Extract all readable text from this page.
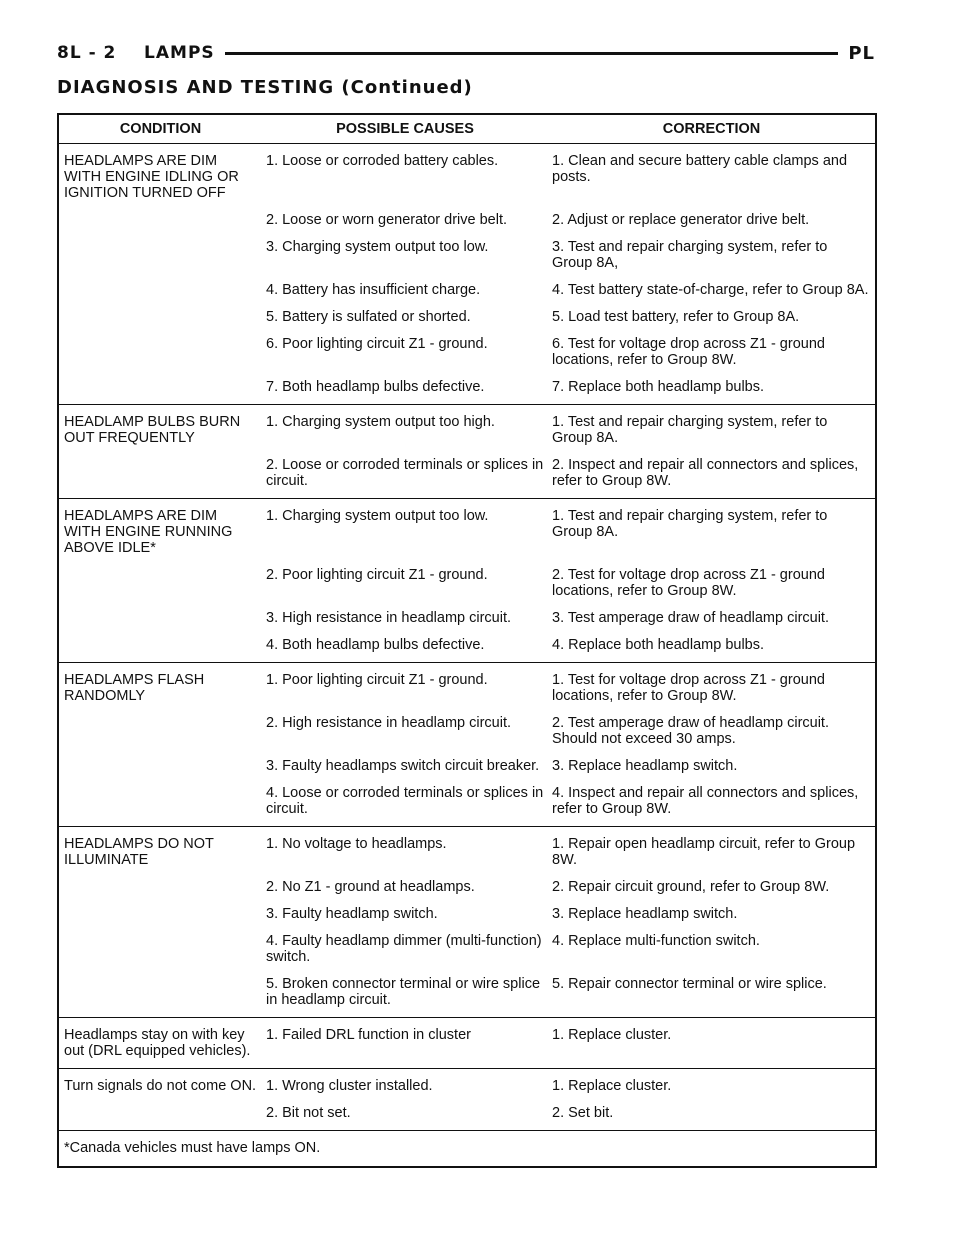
8L - 2    LAMPS	PL
DIAGNOSIS AND TESTING (Continued)
CONDITION	POSSIBLE CAUSES	CORRECTION
HEADLAMPS ARE DIM WITH ENGINE IDLING OR IGNITION TURNED OFF	1. Loose or corroded battery cables.	1. Clean and secure battery cable clamps and posts.
	2. Loose or worn generator drive belt.	2. Adjust or replace generator drive belt.
	3. Charging system output too low.	3. Test and repair charging system, refer to Group 8A,
	4. Battery has insufficient charge.	4. Test battery state-of-charge, refer to Group 8A.
	5. Battery is sulfated or shorted.	5. Load test battery, refer to Group 8A.
	6. Poor lighting circuit Z1 - ground.	6. Test for voltage drop across Z1 - ground locations, refer to Group 8W.
	7. Both headlamp bulbs defective.	7. Replace both headlamp bulbs.
HEADLAMP BULBS BURN OUT FREQUENTLY	1. Charging system output too high.	1. Test and repair charging system, refer to Group 8A.
	2. Loose or corroded terminals or splices in circuit.	2. Inspect and repair all connectors and splices, refer to Group 8W.
HEADLAMPS ARE DIM WITH ENGINE RUNNING ABOVE IDLE*	1. Charging system output too low.	1. Test and repair charging system, refer to Group 8A.
	2. Poor lighting circuit Z1 - ground.	2. Test for voltage drop across Z1 - ground locations, refer to Group 8W.
	3. High resistance in headlamp circuit.	3. Test amperage draw of headlamp circuit.
	4. Both headlamp bulbs defective.	4. Replace both headlamp bulbs.
HEADLAMPS FLASH RANDOMLY	1. Poor lighting circuit Z1 - ground.	1. Test for voltage drop across Z1 - ground locations, refer to Group 8W.
	2. High resistance in headlamp circuit.	2. Test amperage draw of headlamp circuit. Should not exceed 30 amps.
	3. Faulty headlamps switch circuit breaker.	3. Replace headlamp switch.
	4. Loose or corroded terminals or splices in circuit.	4. Inspect and repair all connectors and splices, refer to Group 8W.
HEADLAMPS DO NOT ILLUMINATE	1. No voltage to headlamps.	1. Repair open headlamp circuit, refer to Group 8W.
	2. No Z1 - ground at headlamps.	2. Repair circuit ground, refer to Group 8W.
	3. Faulty headlamp switch.	3. Replace headlamp switch.
	4. Faulty headlamp dimmer (multi-function) switch.	4. Replace multi-function switch.
	5. Broken connector terminal or wire splice in headlamp circuit.	5. Repair connector terminal or wire splice.
Headlamps stay on with key out (DRL equipped vehicles).	1. Failed DRL function in cluster	1. Replace cluster.
Turn signals do not come ON.	1. Wrong cluster installed.	1. Replace cluster.
	2. Bit not set.	2. Set bit.
*Canada vehicles must have lamps ON.		
